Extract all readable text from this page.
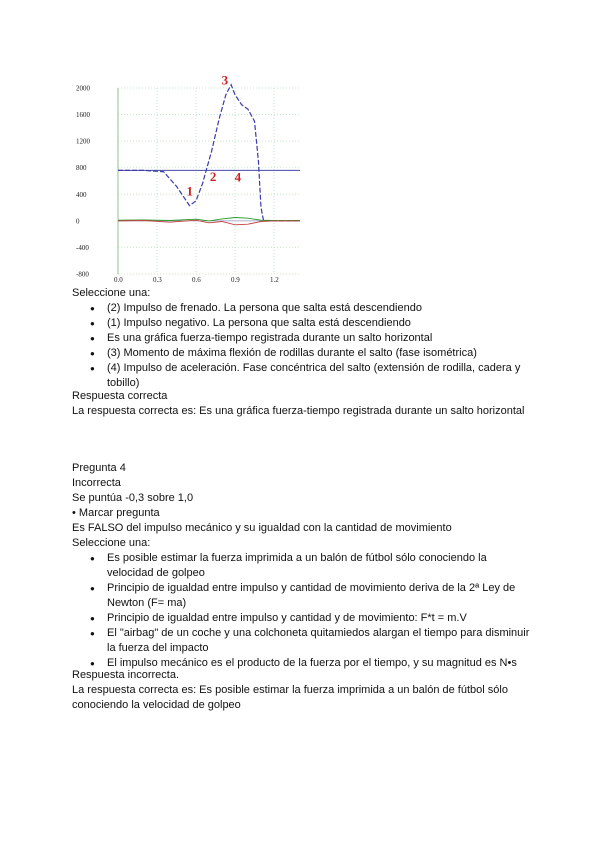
2000
1600
1200
800
400
0
-400
-800
0.0	0.3	0.6	0.9	1.2
1
2
3
4
Seleccione una:
● (2) Impulso de frenado. La persona que salta está descendiendo
● (1) Impulso negativo. La persona que salta está descendiendo
● Es una gráfica fuerza-tiempo registrada durante un salto horizontal
● (3) Momento de máxima flexión de rodillas durante el salto (fase isométrica)
● (4) Impulso de aceleración. Fase concéntrica del salto (extensión de rodilla, cadera y tobillo)
Respuesta correcta
La respuesta correcta es: Es una gráfica fuerza-tiempo registrada durante un salto horizontal
Pregunta 4
Incorrecta
Se puntúa -0,3 sobre 1,0
• Marcar pregunta
Es FALSO del impulso mecánico y su igualdad con la cantidad de movimiento
Seleccione una:
● Es posible estimar la fuerza imprimida a un balón de fútbol sólo conociendo la velocidad de golpeo
● Principio de igualdad entre impulso y cantidad de movimiento deriva de la 2ª Ley de Newton (F= ma)
● Principio de igualdad entre impulso y cantidad y de movimiento: F*t = m.V
● El "airbag" de un coche y una colchoneta quitamiedos alargan el tiempo para disminuir la fuerza del impacto
● El impulso mecánico es el producto de la fuerza por el tiempo, y su magnitud es N•s
Respuesta incorrecta.
La respuesta correcta es: Es posible estimar la fuerza imprimida a un balón de fútbol sólo conociendo la velocidad de golpeo
